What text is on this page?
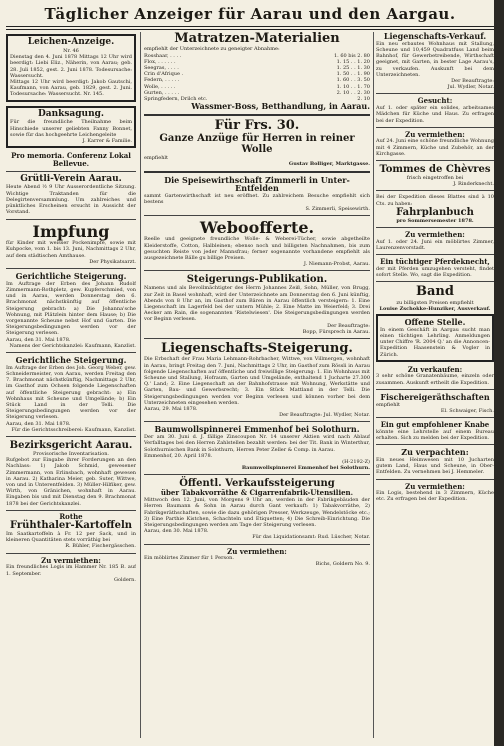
Täglicher Anzeiger für Aarau und den Aargau.
Leichen-Anzeige.
Nr. 46
Dienstag den 4. Juni 1878 Mittags 12 Uhr wird beerdigt: Liebi Eliz., Näherin, von Aarau; geb. 28. Juli 1852, gest. 2. Juni 1878. Todesursache: Wassersucht.
Mittags 12 Uhr wird beerdigt: Jakob Gautschi, Kaufmann, von Aarau, geb. 1829, gest. 2. Juni. Todesursache: Wassersucht. Nr. 145.
Danksagung.
Für die freundliche Theilnahme beim Hinschiede unserer geliebten Fanny Bonnet, sowie für das hochgeehrte Leichengeleite
J. Karrer & Familie.
Pro memoria. Conferenz Lokal Bellevue.
Grütli-Verein Aarau.
Heute Abend ½ 9 Uhr Ausserordentliche Sitzung. Wichtige Traktanden für die Delegirtenversammlung. Um zahlreiches und pünktliches Erscheinen ersucht in Aussicht der Vorstand.
Impfung
für Kinder mit weisser Pockenimpfe, sowie mit Kuhpocke, vom 1. bis 13. Juni, Nachmittags 2 Uhr, auf dem städtischen Amthause.
Der Physikatsarzt.
Gerichtliche Steigerung.
Im Auftrage der Erben des Johann Rudolf Zimmermann-Rothpletz, gew. Kupferschmied, von und in Aarau, werden Donnerstag den 6. Brachmonat nächstkünftig auf öffentliche Steigerung gebracht: a) Die Johanna'sche Wohnung, mit Plätzlein hinter dem Hause; b) Die vorgenannte Scheune nebst Hof und Garten. Die Steigerungsbedingungen werden vor der Steigerung verlesen.
Aarau, den 31. Mai 1878.
Namens der Gerichtskanzlei: Kaufmann, Kanzlist.
Gerichtliche Steigerung.
Im Auftrage der Erben des Joh. Georg Weber, gew. Schneidermeister, von Aarau, werden Freitag den 7. Brachmonat nächstkünftig, Nachmittags 2 Uhr, im Gasthof zum Ochsen folgende Liegenschaften auf öffentliche Steigerung gebracht: a) Ein Wohnhaus mit Scheune und Umgelände; b) Ein Stück Land in der Telli. Die Steigerungsbedingungen werden vor der Steigerung verlesen.
Aarau, den 31. Mai 1878.
Für die Gerichtsschreiberei: Kaufmann, Kanzlist.
Bezirksgericht Aarau.
Provisorische Inventarisation.
Rufgebot zur Eingabe ihrer Forderungen an den Nachlass: 1) Jakob Schmid, gewesener Zimmermann, von Erlinsbach, wohnhaft gewesen in Aarau. 2) Katharina Meier, geb. Suter, Wittwe, von und in Unterentfelden. 3) Müller-Hilfiker, gew. Wirth, von Gränichen, wohnhaft in Aarau. Eingaben bis und mit Dienstag den 9. Brachmonat 1878 bei der Gerichtskanzlei.
Rothe
Frühthaler-Kartoffeln
Im Saatkartoffeln à Fr. 12 per Sack, und in kleineren Quantitäten stets vorräthig bei
R. Bühler, Fischergässchen.
Zu vermiethen:
Ein freundliches Logis im Hammer Nr. 185 B. auf 1. September.
Goldern.
Matratzen-Materialien
empfiehlt der Unterzeichnete zu geneigter Abnahme:
Rosshaar, . . . .	1. 60 bis 2. 80
Flox, . . . . . .	1. 15 . . 1. 20
Seegras, . . . .	1. 25 . . 1. 30
Crin d'Afrique .	1. 50 . . 1. 90
Federn, . . . . .	1. 60 . . 3. 50
Wolle, . . . . .	1. 10 . . 1. 70
Gurten, . . . . .	2. 10 . . 2. 30
Springfedern, Drilch etc.	2. 10
Wassmer-Boss, Betthandlung, in Aarau.
Für Frs. 30.
Ganze Anzüge für Herren in reiner Wolle
empfiehlt
Gustav Bolliger, Marktgasse.
Die Speisewirthschaft Zimmerli in Unter-Entfelden
sammt Gartenwirthschaft ist neu eröffnet. Zu zahlreichem Besuche empfiehlt sich bestens
S. Zimmerli, Speisewirth.
Weboofferte.
Reelle und geeignete freundliche Wolle- & Weberei-Tücher, sowie abgetheilte Kleiderstoffe, Cotton, Halbleinen; ebenso noch und billigsten Nachnahmen, bis zum gesuchten Reiste von jeder Mannsfrau; ferner sogenannte vorhandene empfiehlt als ausgezeichnete Bälle gu billige Preisen.
J. Niemann-Probst, Aarau.
Steigerungs-Publikation.
Namens und als Bevollmächtigter des Herrn Johannes Zeiß, Sohn, Müller, von Brugg, zur Zeit in Basel wohnhaft, wird der Unterzeichnete am Donnerstag den 6. Juni künftig, Abends von 8 Uhr an, im Gasthof zum Bären in Aarau öffentlich versteigern: 1. Eine Liegenschaft im Lagerfeld bei der untern Mühle; 2. Eine Matte im Weierfeld; 3. Drei Aecker am Rain, die sogenannten 'Ristelwiesen'. Die Steigerungsbedingungen werden vor Beginn verlesen.
Der Beauftragte:
Bopp, Fürsprech in Aarau.
Liegenschafts-Steigerung.
Die Erbschaft der Frau Maria Lehmann-Rohrbacher, Wittwe, von Villmergen, wohnhaft in Aarau, bringt Freitag den 7. Juni, Nachmittags 2 Uhr, im Gasthof zum Rössli in Aarau folgende Liegenschaften auf öffentliche und freiwillige Steigerung: 1. Ein Wohnhaus mit Scheune und Stallung, Hofraum, Garten und Umgelände, enthaltend 1 Jucharte 27.300 Q.' Land; 2. Eine Liegenschaft an der Bahnhofstrasse mit Wohnung, Werkstätte und Garten, Bau- und Gewerbsrecht; 3. Ein Stück Mattland in der Telli. Die Steigerungsbedingungen werden vor Beginn verlesen und können vorher bei dem Unterzeichneten eingesehen werden.
Aarau, 29. Mai 1878.
Der Beauftragte: Jul. Wydler, Notar.
Baumwollspinnerei Emmenhof bei Solothurn.
Der am 30. Juni d. J. fällige Zinscoupon Nr. 14 unserer Aktien wird nach Ablauf Verfalltages bei den Herren Zahlstellen bezahlt werden: bei der Tit. Bank in Winterthur, Solothurnischen Bank in Solothurn, Herren Peter Zeller & Comp. in Aarau.
Emmenhof, 20. April 1878.
(H-2192-Z)
Baumwollspinnerei Emmenhof bei Solothurn.
Öffentl. Verkaufssteigerung
über Tabakvorräthe & Cigarrenfabrik-Utensilien.
Mittwoch den 12. Juni, von Morgens 9 Uhr an, werden in der Fabrikgebäuden der Herren Baumann & Sohn in Aarau durch Gant verkauft: 1) Tabakvorräthe, 2) Fabrikgeräthschaften, sowie die dazu gehörigen Presser, Werkzeuge, Wendelstöcke etc.; 3) Eine Parthie Kistchen, Schachteln und Etiquetten; 4) Die Schreib-Einrichtung. Die Steigerungsbedingungen werden am Tage der Steigerung verlesen.
Aarau, den 30. Mai 1878.
Für das Liquidationsamt: Rud. Lüscher, Notar.
Zu vermiethen:
Ein möblirtes Zimmer für 1 Person.
Bichs, Goldern No. 9.
Liegenschafts-Verkauf.
Ein neu erbautes Wohnhaus mit Stallung, Scheune und 10,459 Quadratfuss Land beim Bahnhof, für Gewerbetreibende, Wirthschaft geeignet, mit Garten, in bester Lage Aarau's, zu verkaufen. Auskunft bei dem Unterzeichneten.
Der Beauftragte:
Jul. Wydler, Notar.
Gesucht:
Auf 1. oder später ein solides, arbeitsames Mädchen für Küche und Haus. Zu erfragen bei der Expedition.
Zu vermiethen:
Auf 24. Juni eine schöne freundliche Wohnung mit 4 Zimmern, Küche und Zubehör, an der Kirchgasse.
Tommes de Chèvres
frisch eingetroffen bei
J. Rinderknecht.
Bei der Expedition dieses Blattes sind à 10 Cts. zu haben:
Fahrplanbuch
pro Sommersemester 1878.
Zu vermiethen:
Auf 1. oder 24. Juni ein möblirtes Zimmer, Laurenzenvorstadt.
Ein tüchtiger Pferdeknecht,
der mit Pferden umzugehen versteht, findet sofort Stelle. Wo, sagt die Expedition.
Band
zu billigsten Preisen empfiehlt
Louise Zschokke-Hunziker, Ausverkauf.
Offene Stelle.
In einem Geschäft in Aargau sucht man einen tüchtigen Lehrling. Anmeldungen unter Chiffre 'R. 2004 Q.' an die Annoncen-Expedition Haasenstein & Vogler in Zürich.
Zu verkaufen:
3 sehr schöne Granatenbäume, einzeln oder zusammen. Auskunft ertheilt die Expedition.
Fischereigeräthschaften
empfiehlt
El. Schwaiger, Fisch.
Ein gut empfohlener Knabe
könnte eine Lehrstelle auf einem Bureau erhalten. Sich zu melden bei der Expedition.
Zu verpachten:
Ein neues Heimwesen mit 10 Jucharten gutem Land, Haus und Scheune, in Ober-Entfelden. Zu vernehmen bei J. Hemmeler.
Zu vermiethen:
Ein Logis, bestehend in 3 Zimmern, Küche etc. Zu erfragen bei der Expedition.
